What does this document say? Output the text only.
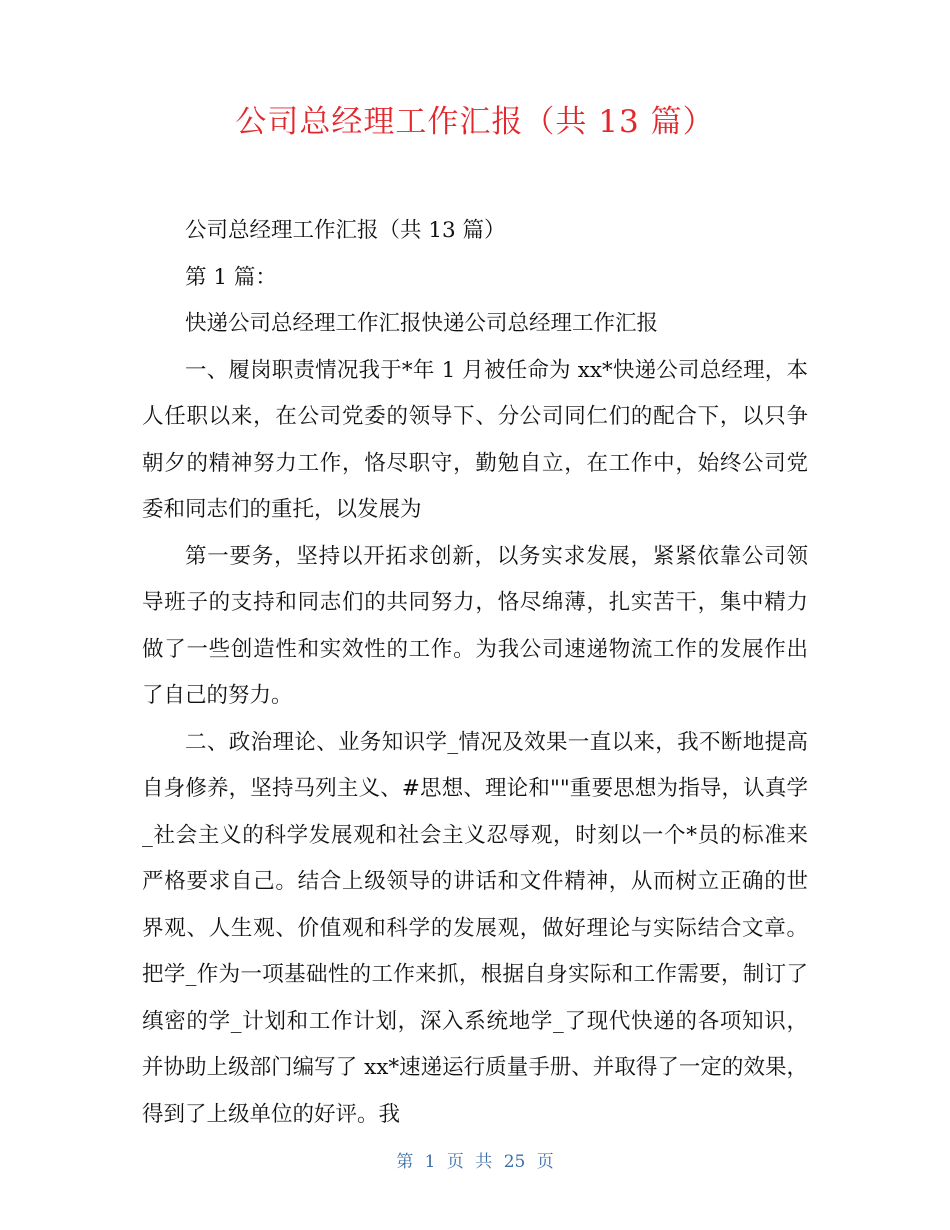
公司总经理工作汇报（共 13 篇）

公司总经理工作汇报（共 13 篇）

第 1 篇：

快递公司总经理工作汇报快递公司总经理工作汇报

一、履岗职责情况我于*年 1 月被任命为 xx*快递公司总经理，本人任职以来，在公司党委的领导下、分公司同仁们的配合下，以只争朝夕的精神努力工作，恪尽职守，勤勉自立，在工作中，始终公司党委和同志们的重托，以发展为

第一要务，坚持以开拓求创新，以务实求发展，紧紧依靠公司领导班子的支持和同志们的共同努力，恪尽绵薄，扎实苦干，集中精力做了一些创造性和实效性的工作。为我公司速递物流工作的发展作出了自己的努力。

二、政治理论、业务知识学_情况及效果一直以来，我不断地提高自身修养，坚持马列主义、#思想、理论和""重要思想为指导，认真学_社会主义的科学发展观和社会主义忍辱观，时刻以一个*员的标准来严格要求自己。结合上级领导的讲话和文件精神，从而树立正确的世界观、人生观、价值观和科学的发展观，做好理论与实际结合文章。把学_作为一项基础性的工作来抓，根据自身实际和工作需要，制订了缜密的学_计划和工作计划，深入系统地学_了现代快递的各项知识，并协助上级部门编写了 xx*速递运行质量手册、并取得了一定的效果，得到了上级单位的好评。我

第 1 页 共 25 页
